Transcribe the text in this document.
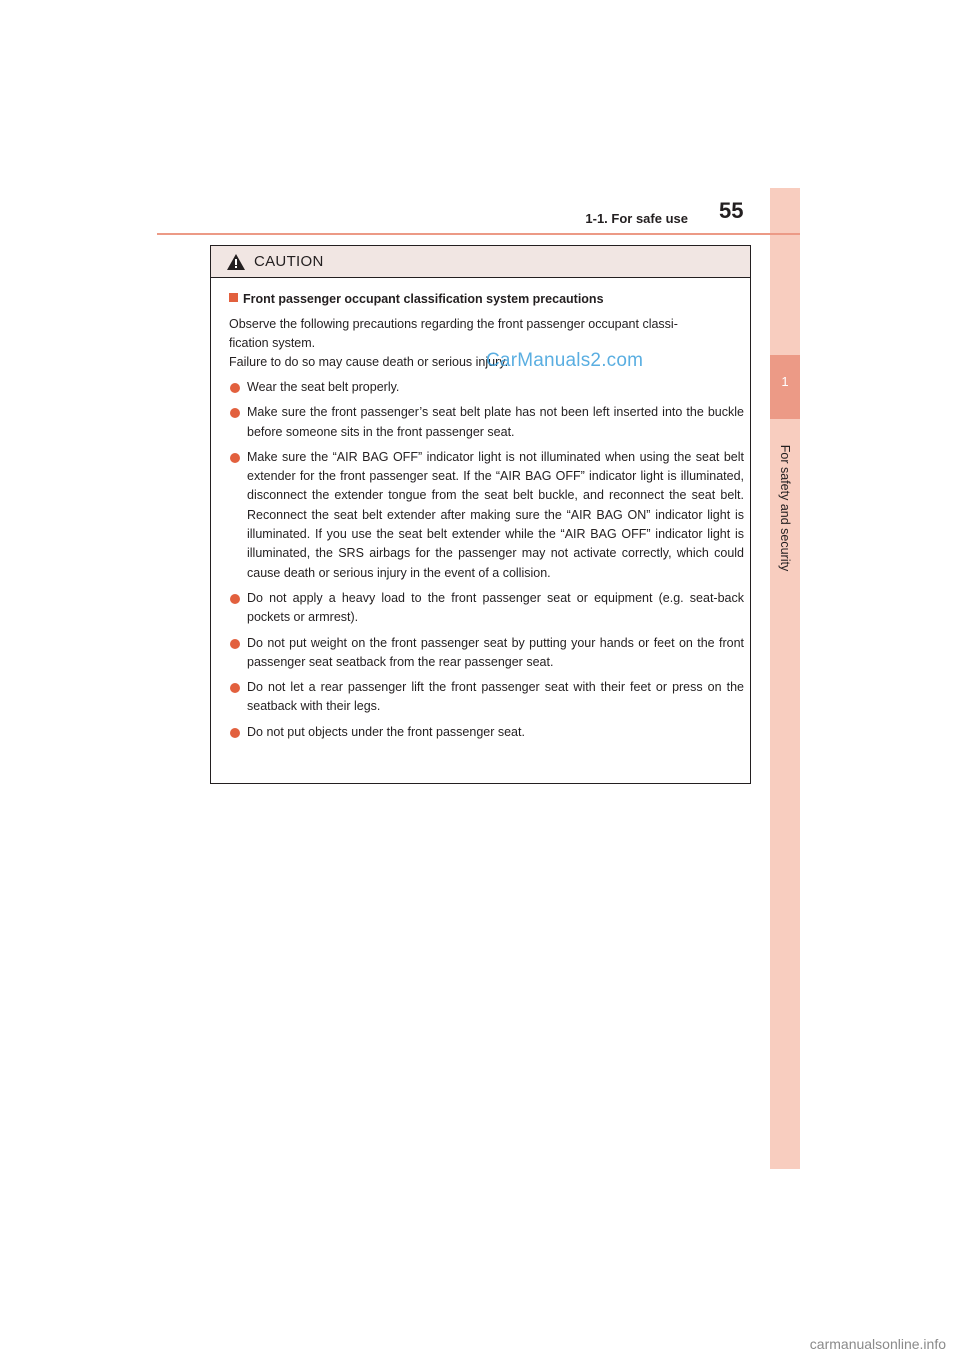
1
For safety and security
1-1. For safe use 55
CAUTION
Front passenger occupant classification system precautions
Observe the following precautions regarding the front passenger occupant classi-
fication system.
Failure to do so may cause death or serious injury.
Wear the seat belt properly.
Make sure the front passenger’s seat belt plate has not been left inserted into the buckle before someone sits in the front passenger seat.
Make sure the “AIR BAG OFF” indicator light is not illuminated when using the seat belt extender for the front passenger seat. If the “AIR BAG OFF” indicator light is illuminated, disconnect the extender tongue from the seat belt buckle, and reconnect the seat belt. Reconnect the seat belt extender after making sure the “AIR BAG ON” indicator light is illuminated. If you use the seat belt extender while the “AIR BAG OFF” indicator light is illuminated, the SRS airbags for the passenger may not activate correctly, which could cause death or serious injury in the event of a collision.
Do not apply a heavy load to the front passenger seat or equipment (e.g. seat-back pockets or armrest).
Do not put weight on the front passenger seat by putting your hands or feet on the front passenger seat seatback from the rear passenger seat.
Do not let a rear passenger lift the front passenger seat with their feet or press on the seatback with their legs.
Do not put objects under the front passenger seat.
CarManuals2.com
carmanualsonline.info
